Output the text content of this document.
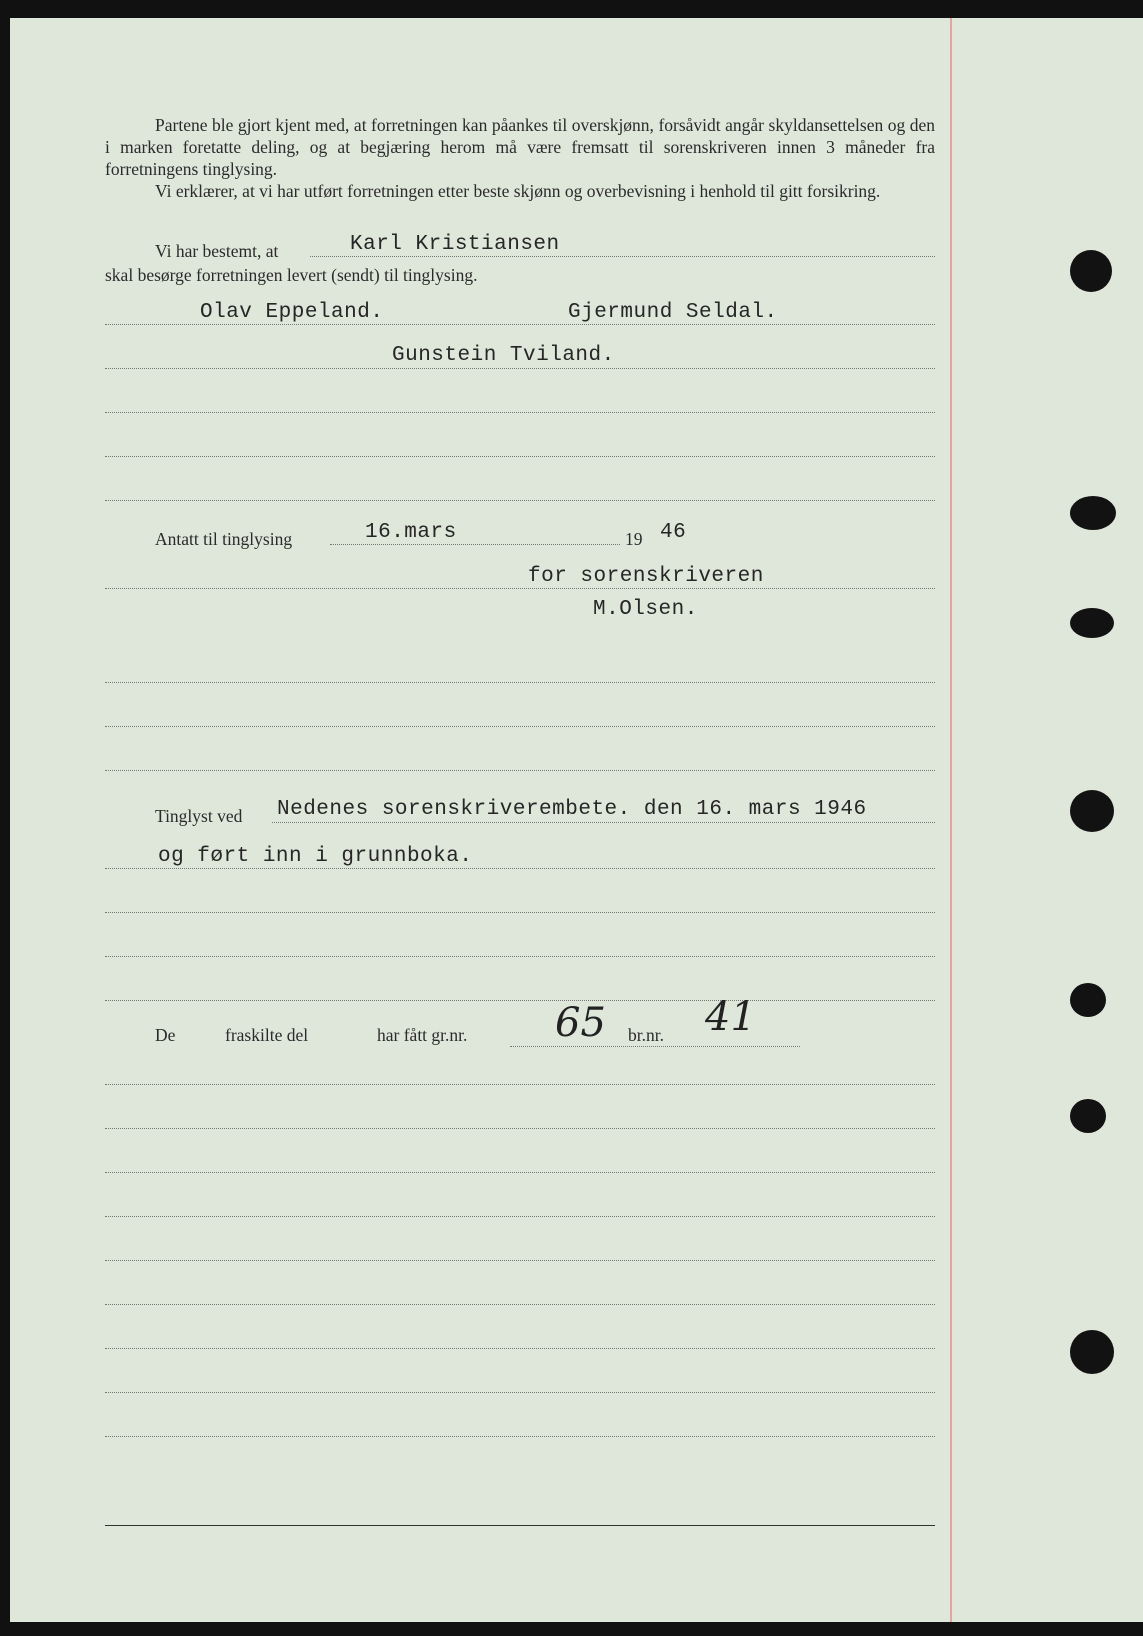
Partene ble gjort kjent med, at forretningen kan påankes til overskjønn, forsåvidt angår skyldansettelsen og den i marken foretatte deling, og at begjæring herom må være fremsatt til sorenskriveren innen 3 måneder fra forretningens tinglysing.

Vi erklærer, at vi har utført forretningen etter beste skjønn og overbevisning i henhold til gitt forsikring.

Vi har bestemt, at	Karl Kristiansen
skal besørge forretningen levert (sendt) til tinglysing.
Olav Eppeland.	Gjermund Seldal.
Gunstein Tviland.
Antatt til tinglysing	16.mars	19 46
for sorenskriveren
M.Olsen.
Tinglyst ved Nedenes sorenskriverembete. den 16. mars 1946
og ført inn i grunnboka.
De	fraskilte del	har fått gr.nr. 65 br.nr. 41
